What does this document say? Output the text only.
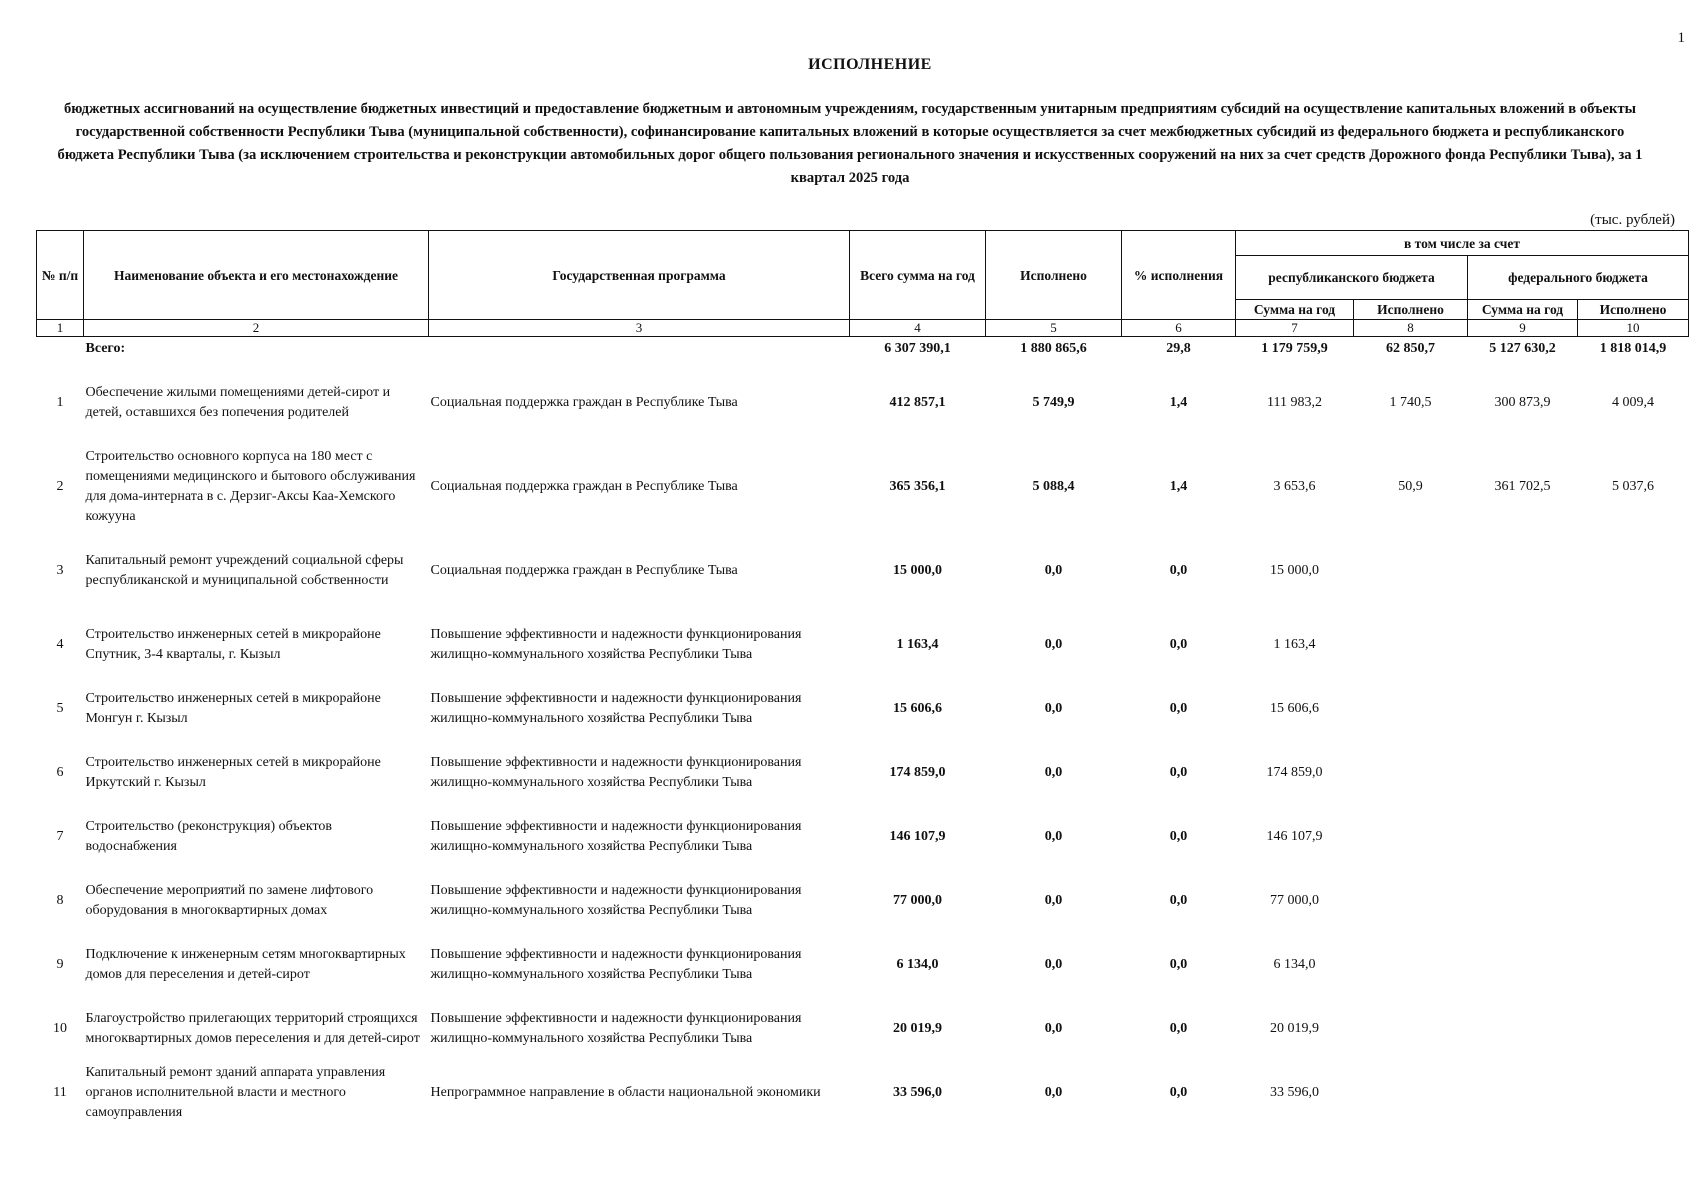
1
ИСПОЛНЕНИЕ
бюджетных ассигнований на осуществление бюджетных инвестиций и предоставление бюджетным и автономным учреждениям, государственным унитарным предприятиям субсидий на осуществление капитальных вложений в объекты государственной собственности Республики Тыва (муниципальной собственности), софинансирование капитальных вложений в которые осуществляется за счет межбюджетных субсидий из федерального бюджета и республиканского бюджета Республики Тыва (за исключением строительства и реконструкции автомобильных дорог общего пользования регионального значения и искусственных сооружений на них за счет средств Дорожного фонда Республики Тыва), за 1 квартал 2025 года
(тыс. рублей)
№ п/п	Наименование объекта и его местонахождение	Государственная программа	Всего сумма на год	Исполнено	% исполнения	в том числе за счет			
						республиканского бюджета		федерального бюджета	
						Сумма на год	Исполнено	Сумма на год	Исполнено
1	2	3	4	5	6	7	8	9	10
	Всего:		6 307 390,1	1 880 865,6	29,8	1 179 759,9	62 850,7	5 127 630,2	1 818 014,9
1	Обеспечение жилыми помещениями детей-сирот и детей, оставшихся без попечения родителей	Социальная поддержка граждан в Республике Тыва	412 857,1	5 749,9	1,4	111 983,2	1 740,5	300 873,9	4 009,4
2	Строительство основного корпуса на 180 мест с помещениями медицинского и бытового обслуживания для дома-интерната в с. Дерзиг-Аксы Каа-Хемского кожууна	Социальная поддержка граждан в Республике Тыва	365 356,1	5 088,4	1,4	3 653,6	50,9	361 702,5	5 037,6
3	Капитальный ремонт учреждений социальной сферы республиканской и муниципальной собственности	Социальная поддержка граждан в Республике Тыва	15 000,0	0,0	0,0	15 000,0			
4	Строительство инженерных сетей в микрорайоне Спутник, 3-4 кварталы, г. Кызыл	Повышение эффективности и надежности функционирования жилищно-коммунального хозяйства Республики Тыва	1 163,4	0,0	0,0	1 163,4			
5	Строительство инженерных сетей в микрорайоне Монгун г. Кызыл	Повышение эффективности и надежности функционирования жилищно-коммунального хозяйства Республики Тыва	15 606,6	0,0	0,0	15 606,6			
6	Строительство инженерных сетей в микрорайоне Иркутский г. Кызыл	Повышение эффективности и надежности функционирования жилищно-коммунального хозяйства Республики Тыва	174 859,0	0,0	0,0	174 859,0			
7	Строительство (реконструкция) объектов водоснабжения	Повышение эффективности и надежности функционирования жилищно-коммунального хозяйства Республики Тыва	146 107,9	0,0	0,0	146 107,9			
8	Обеспечение мероприятий по замене лифтового оборудования в многоквартирных домах	Повышение эффективности и надежности функционирования жилищно-коммунального хозяйства Республики Тыва	77 000,0	0,0	0,0	77 000,0			
9	Подключение к инженерным сетям многоквартирных домов для переселения и детей-сирот	Повышение эффективности и надежности функционирования жилищно-коммунального хозяйства Республики Тыва	6 134,0	0,0	0,0	6 134,0			
10	Благоустройство прилегающих территорий строящихся многоквартирных домов переселения и для детей-сирот	Повышение эффективности и надежности функционирования жилищно-коммунального хозяйства Республики Тыва	20 019,9	0,0	0,0	20 019,9			
11	Капитальный ремонт зданий аппарата управления органов исполнительной власти и местного самоуправления	Непрограммное направление в области национальной экономики	33 596,0	0,0	0,0	33 596,0			
